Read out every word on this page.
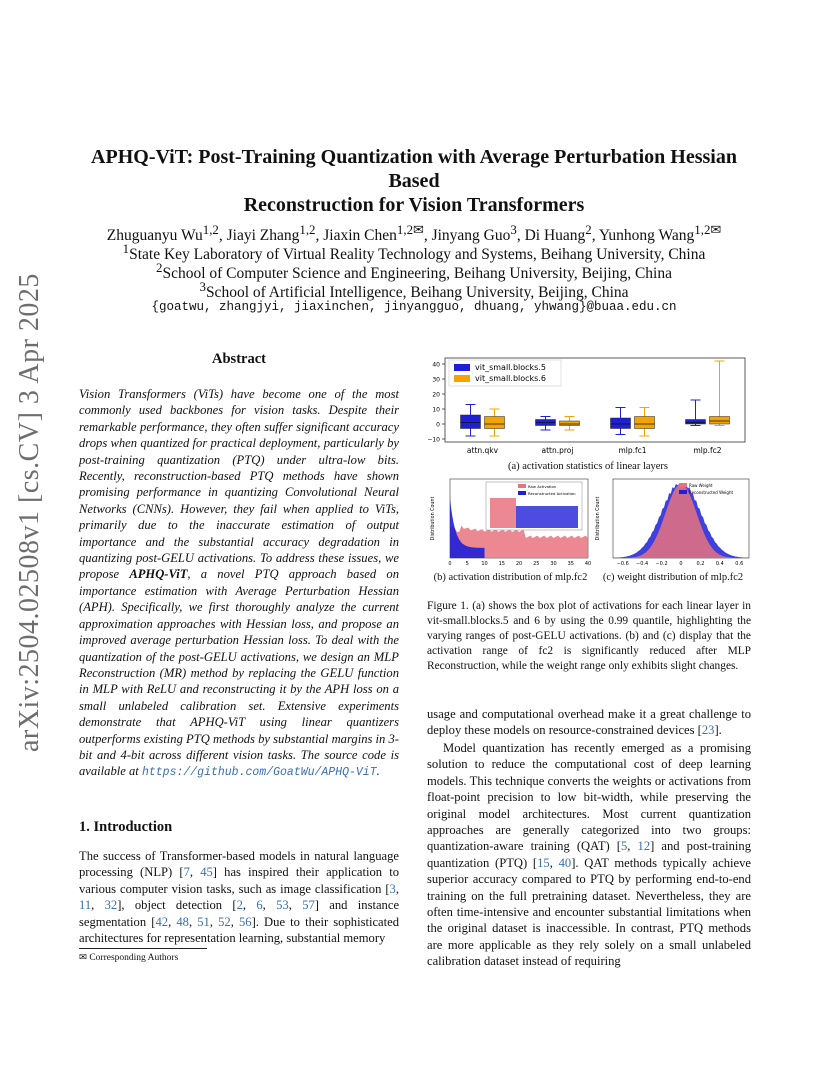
arXiv:2504.02508v1 [cs.CV] 3 Apr 2025
APHQ-ViT: Post-Training Quantization with Average Perturbation Hessian Based
Reconstruction for Vision Transformers
Zhuguanyu Wu$^{1,2}$, Jiayi Zhang$^{1,2}$, Jiaxin Chen$^{1,2✉}$, Jinyang Guo$^3$, Di Huang$^2$, Yunhong Wang$^{1,2✉}$
$^1$State Key Laboratory of Virtual Reality Technology and Systems, Beihang University, China
$^2$School of Computer Science and Engineering, Beihang University, Beijing, China
$^3$School of Artificial Intelligence, Beihang University, Beijing, China
{goatwu, zhangjyi, jiaxinchen, jinyangguo, dhuang, yhwang}@buaa.edu.cn
Abstract
Vision Transformers (ViTs) have become one of the most commonly used backbones for vision tasks. Despite their remarkable performance, they often suffer significant accuracy drops when quantized for practical deployment, particularly by post-training quantization (PTQ) under ultra-low bits. Recently, reconstruction-based PTQ methods have shown promising performance in quantizing Convolutional Neural Networks (CNNs). However, they fail when applied to ViTs, primarily due to the inaccurate estimation of output importance and the substantial accuracy degradation in quantizing post-GELU activations. To address these issues, we propose APHQ-ViT, a novel PTQ approach based on importance estimation with Average Perturbation Hessian (APH). Specifically, we first thoroughly analyze the current approximation approaches with Hessian loss, and propose an improved average perturbation Hessian loss. To deal with the quantization of the post-GELU activations, we design an MLP Reconstruction (MR) method by replacing the GELU function in MLP with ReLU and reconstructing it by the APH loss on a small unlabeled calibration set. Extensive experiments demonstrate that APHQ-ViT using linear quantizers outperforms existing PTQ methods by substantial margins in 3-bit and 4-bit across different vision tasks. The source code is available at https://github.com/GoatWu/APHQ-ViT.
1. Introduction
The success of Transformer-based models in natural language processing (NLP) [7, 45] has inspired their application to various computer vision tasks, such as image classification [3, 11, 32], object detection [2, 6, 53, 57] and instance segmentation [42, 48, 51, 52, 56]. Due to their sophisticated architectures for representation learning, substantial memory
✉ Corresponding Authors
−10
0
10
20
30
40
attn.qkv	attn.proj	mlp.fc1	mlp.fc2
vit_small.blocks.5
vit_small.blocks.6
(a) activation statistics of linear layers
Raw Activation
Reconstructed Activation
0	5 10 15 20 25 30 35 40
Distribution Count
Raw Weight
Reconstructed Weight
−0.6 −0.4 −0.2 0	0.2 0.4 0.6
Distribution Count
(b) activation distribution of mlp.fc2	(c) weight distribution of mlp.fc2
Figure 1. (a) shows the box plot of activations for each linear layer in vit-small.blocks.5 and 6 by using the 0.99 quantile, highlighting the varying ranges of post-GELU activations. (b) and (c) display that the activation range of fc2 is significantly reduced after MLP Reconstruction, while the weight range only exhibits slight changes.
usage and computational overhead make it a great challenge to deploy these models on resource-constrained devices [23].
Model quantization has recently emerged as a promising solution to reduce the computational cost of deep learning models. This technique converts the weights or activations from float-point precision to low bit-width, while preserving the original model architectures. Most current quantization approaches are generally categorized into two groups: quantization-aware training (QAT) [5, 12] and post-training quantization (PTQ) [15, 40]. QAT methods typically achieve superior accuracy compared to PTQ by performing end-to-end training on the full pretraining dataset. Nevertheless, they are often time-intensive and encounter substantial limitations when the original dataset is inaccessible. In contrast, PTQ methods are more applicable as they rely solely on a small unlabeled calibration dataset instead of requiring
